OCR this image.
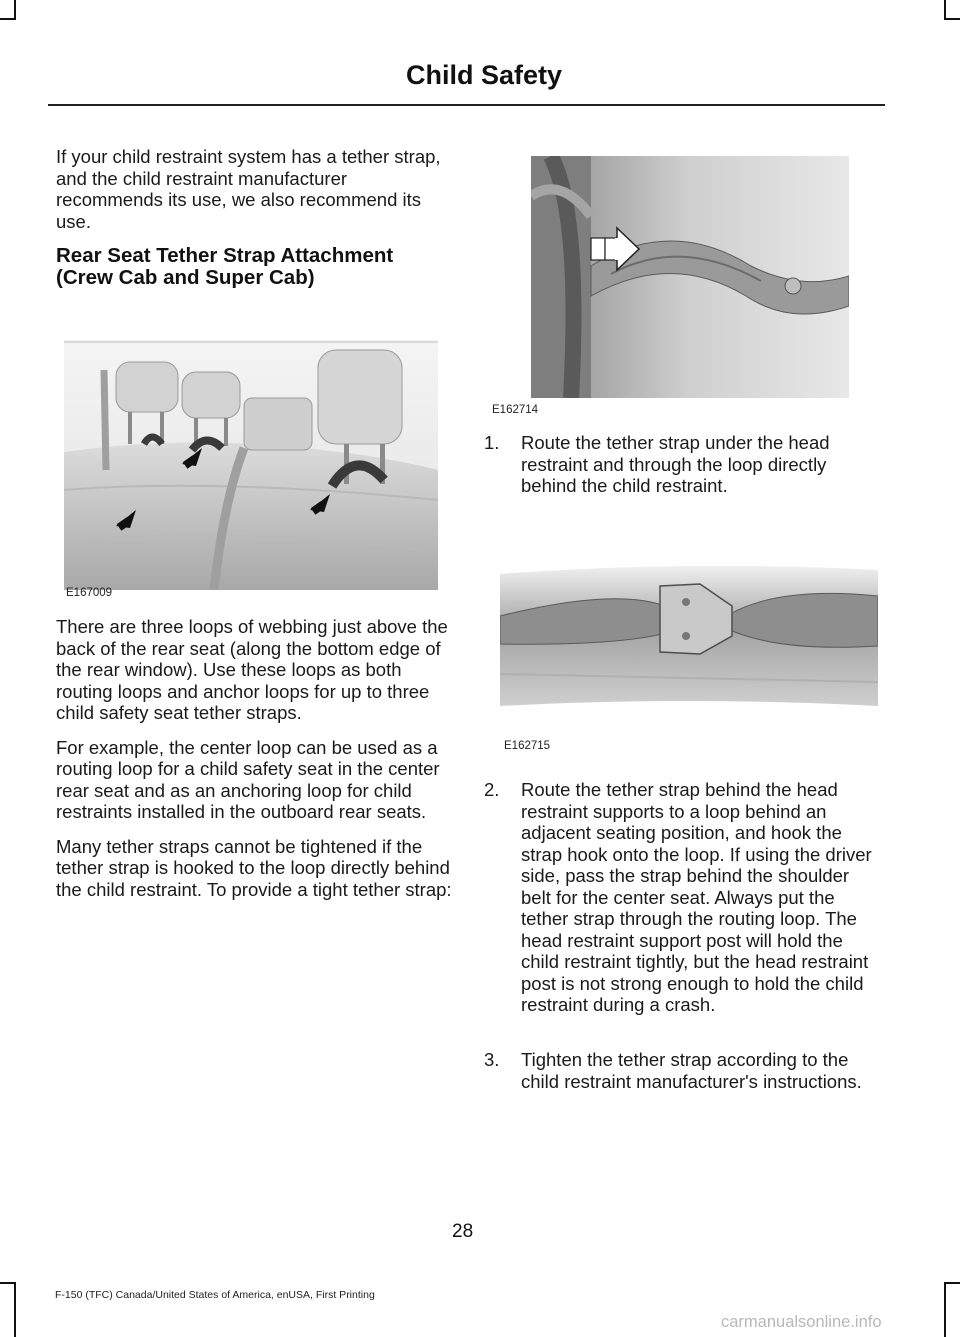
Child Safety

If your child restraint system has a tether strap, and the child restraint manufacturer recommends its use, we also recommend its use.

Rear Seat Tether Strap Attachment (Crew Cab and Super Cab)
E167009

There are three loops of webbing just above the back of the rear seat (along the bottom edge of the rear window). Use these loops as both routing loops and anchor loops for up to three child safety seat tether straps.

For example, the center loop can be used as a routing loop for a child safety seat in the center rear seat and as an anchoring loop for child restraints installed in the outboard rear seats.

Many tether straps cannot be tightened if the tether strap is hooked to the loop directly behind the child restraint. To provide a tight tether strap:

E162714
1. Route the tether strap under the head restraint and through the loop directly behind the child restraint.
E162715
2. Route the tether strap behind the head restraint supports to a loop behind an adjacent seating position, and hook the strap hook onto the loop. If using the driver side, pass the strap behind the shoulder belt for the center seat. Always put the tether strap through the routing loop. The head restraint support post will hold the child restraint tightly, but the head restraint post is not strong enough to hold the child restraint during a crash.
3. Tighten the tether strap according to the child restraint manufacturer's instructions.
28
F-150 (TFC) Canada/United States of America, enUSA, First Printing
carmanualsonline.info
